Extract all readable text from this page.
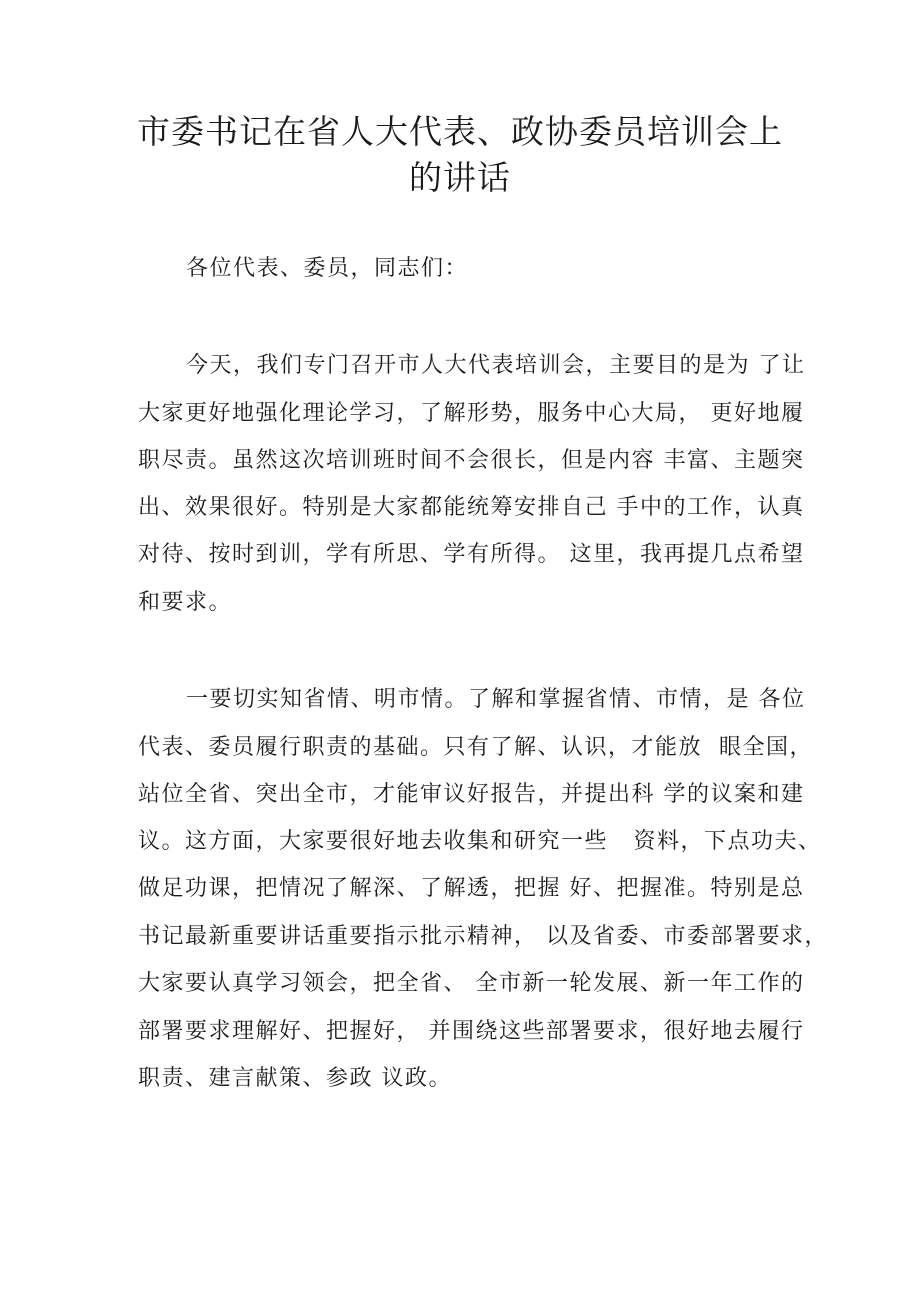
市委书记在省人大代表、政协委员培训会上
的讲话
各位代表、委员，同志们：
今天，我们专门召开市人大代表培训会，主要目的是为 了让
大家更好地强化理论学习，了解形势，服务中心大局， 更好地履
职尽责。虽然这次培训班时间不会很长，但是内容 丰富、主题突
出、效果很好。特别是大家都能统筹安排自己 手中的工作，认真
对待、按时到训，学有所思、学有所得。 这里，我再提几点希望
和要求。
一要切实知省情、明市情。了解和掌握省情、市情，是 各位
代表、委员履行职责的基础。只有了解、认识，才能放  眼全国，
站位全省、突出全市，才能审议好报告，并提出科 学的议案和建
议。这方面，大家要很好地去收集和研究一些   资料，下点功夫、
做足功课，把情况了解深、了解透，把握 好、把握准。特别是总
书记最新重要讲话重要指示批示精神， 以及省委、市委部署要求，
大家要认真学习领会，把全省、 全市新一轮发展、新一年工作的
部署要求理解好、把握好， 并围绕这些部署要求，很好地去履行
职责、建言献策、参政 议政。
